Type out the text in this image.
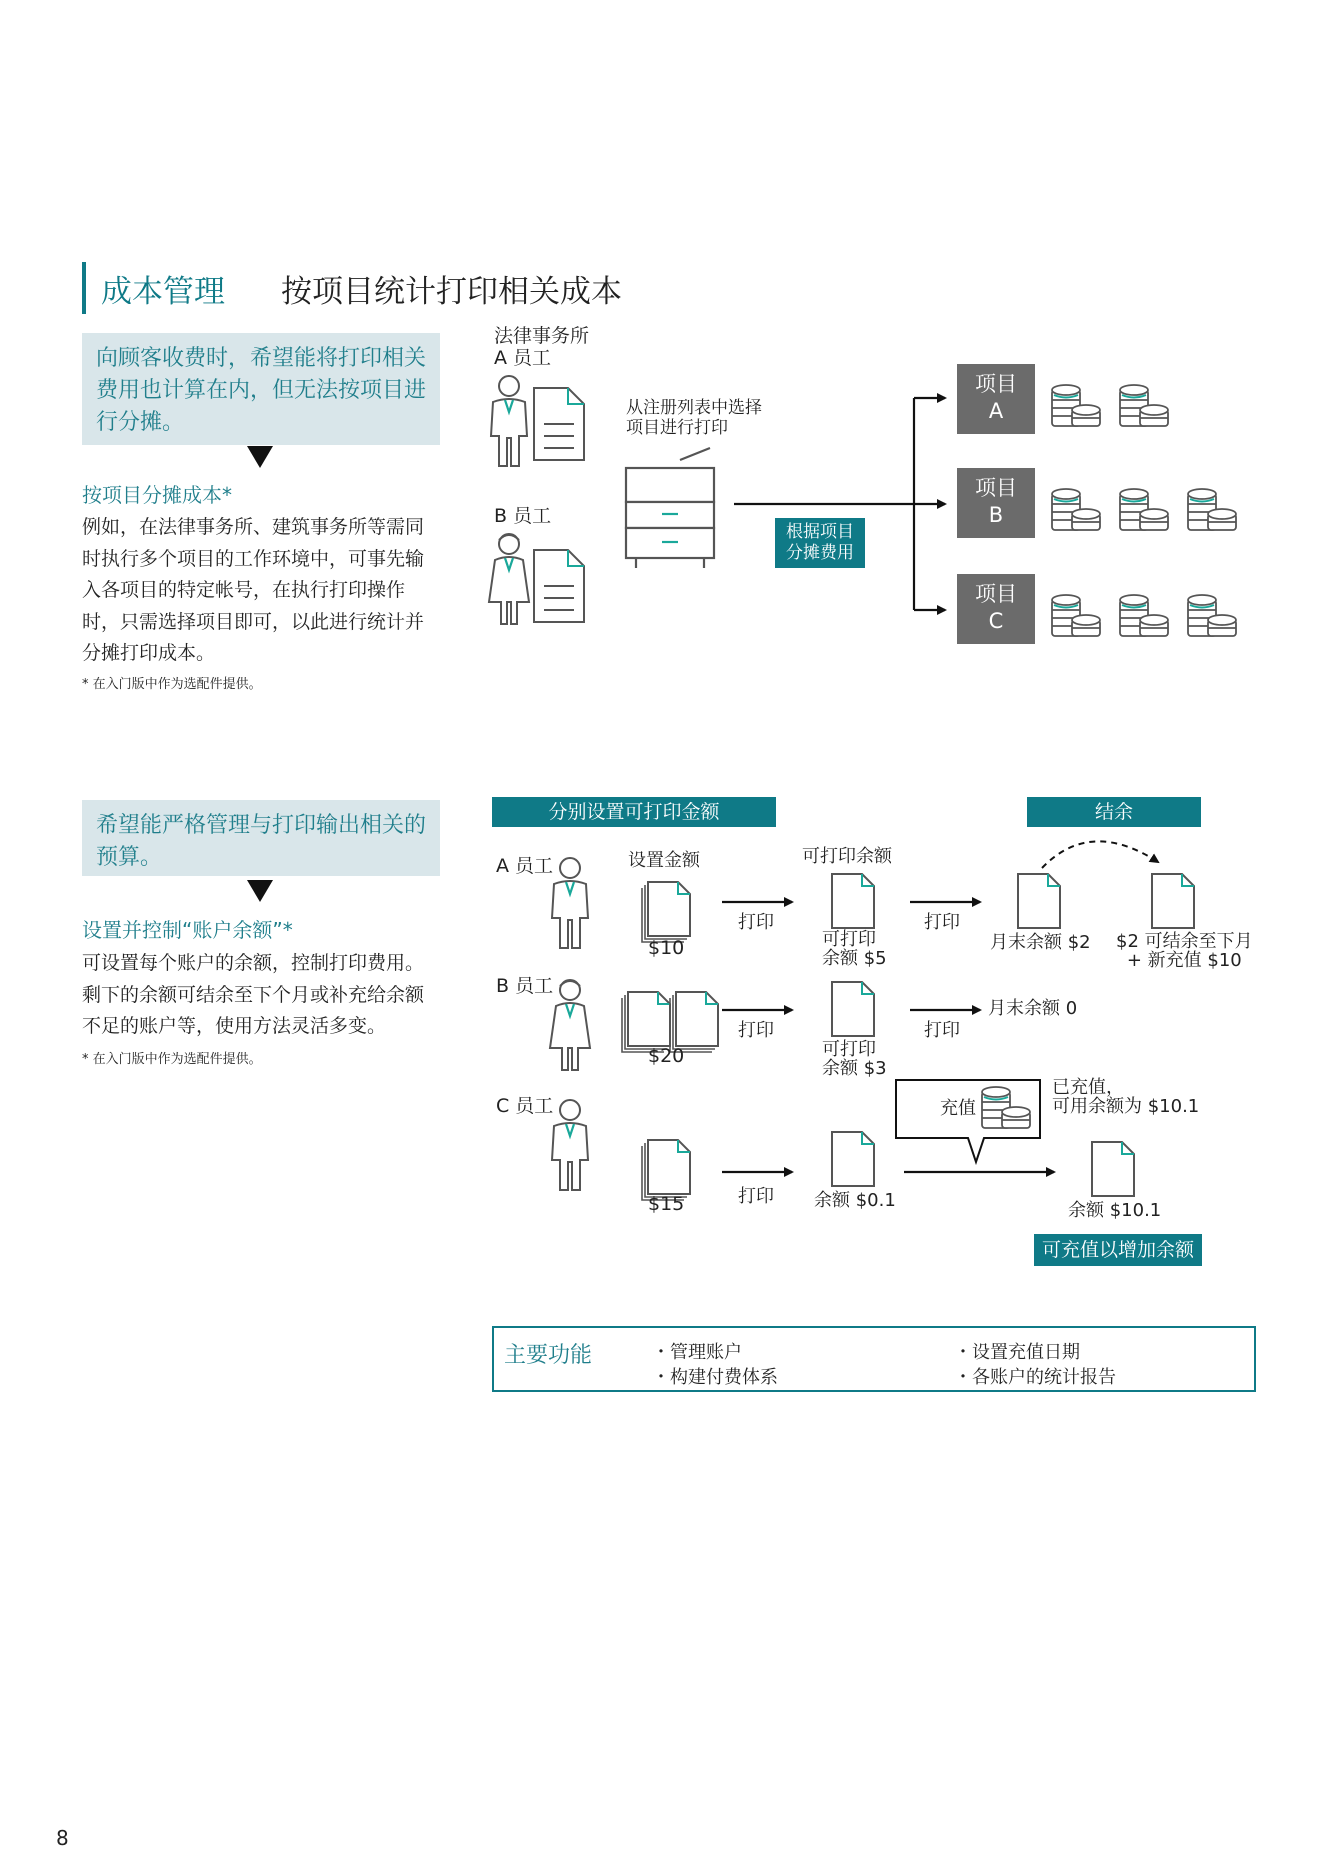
成本管理 按项目统计打印相关成本
向顾客收费时，希望能将打印相关费用也计算在内，但无法按项目进行分摊。
按项目分摊成本*
例如，在法律事务所、建筑事务所等需同时执行多个项目的工作环境中，可事先输入各项目的特定帐号，在执行打印操作时，只需选择项目即可，以此进行统计并分摊打印成本。
* 在入门版中作为选配件提供。
希望能严格管理与打印输出相关的预算。
设置并控制“账户余额”*
可设置每个账户的余额，控制打印费用。剩下的余额可结余至下个月或补充给余额不足的账户等，使用方法灵活多变。
* 在入门版中作为选配件提供。
法律事务所
A 员工
B 员工
从注册列表中选择
项目进行打印
根据项目
分摊费用
项目
A
项目
B
项目
C
分别设置可打印金额	结余
设置金额	可打印余额
A 员工
B 员工
C 员工
$10
打印
可打印
余额 $5
打印
月末余额 $2 $2 可结余至下月
+ 新充值 $10
$20
打印
可打印
余额 $3
打印
月末余额 0
$15	打印 余额 $0.1
充值
已充值，
可用余额为 $10.1
余额 $10.1
可充值以增加余额
主要功能	・管理账户
・构建付费体系
・设置充值日期
・各账户的统计报告
8
